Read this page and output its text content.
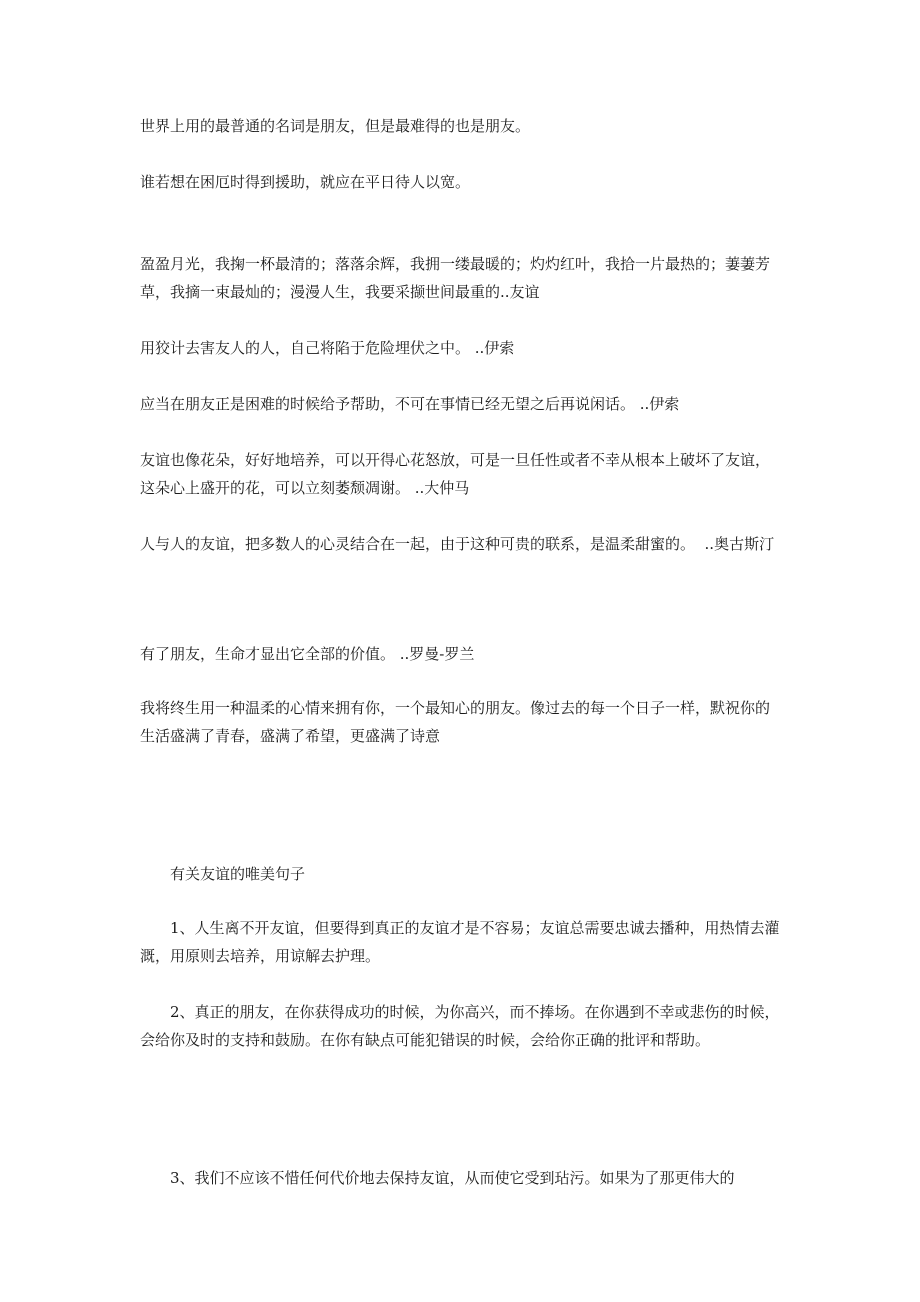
世界上用的最普通的名词是朋友，但是最难得的也是朋友。

谁若想在困厄时得到援助，就应在平日待人以宽。

盈盈月光，我掬一杯最清的；落落余辉，我拥一缕最暖的；灼灼红叶，我拾一片最热的；萋萋芳草，我摘一束最灿的；漫漫人生，我要采撷世间最重的..友谊

用狡计去害友人的人，自己将陷于危险埋伏之中。 ..伊索

应当在朋友正是困难的时候给予帮助，不可在事情已经无望之后再说闲话。 ..伊索

友谊也像花朵，好好地培养，可以开得心花怒放，可是一旦任性或者不幸从根本上破坏了友谊，这朵心上盛开的花，可以立刻萎颓凋谢。 ..大仲马

人与人的友谊，把多数人的心灵结合在一起，由于这种可贵的联系，是温柔甜蜜的。  ..奥古斯汀

有了朋友，生命才显出它全部的价值。 ..罗曼-罗兰

我将终生用一种温柔的心情来拥有你，一个最知心的朋友。像过去的每一个日子一样，默祝你的生活盛满了青春，盛满了希望，更盛满了诗意

有关友谊的唯美句子

1、人生离不开友谊，但要得到真正的友谊才是不容易；友谊总需要忠诚去播种，用热情去灌溉，用原则去培养，用谅解去护理。

2、真正的朋友，在你获得成功的时候，为你高兴，而不捧场。在你遇到不幸或悲伤的时候，会给你及时的支持和鼓励。在你有缺点可能犯错误的时候，会给你正确的批评和帮助。

3、我们不应该不惜任何代价地去保持友谊，从而使它受到玷污。如果为了那更伟大的
